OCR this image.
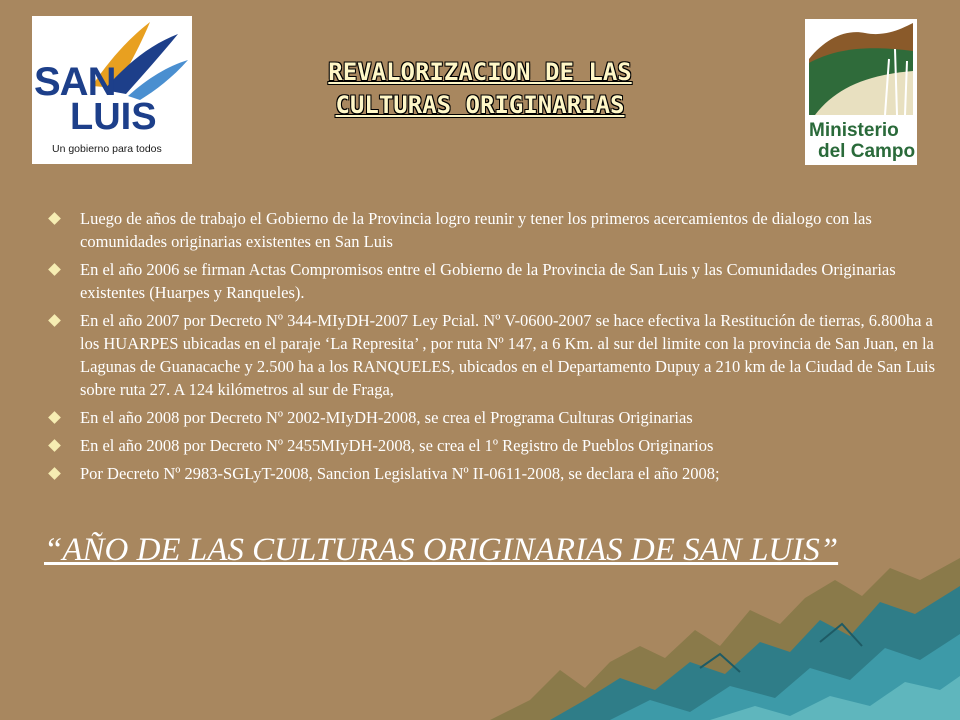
SAN
LUIS
Un gobierno para todos
Ministerio
del Campo
REVALORIZACION DE LAS
CULTURAS ORIGINARIAS
Luego de años de trabajo el Gobierno de la Provincia logro reunir y tener los primeros acercamientos de dialogo con las comunidades originarias existentes en San Luis
En el año 2006 se firman Actas Compromisos entre el Gobierno de la Provincia de San Luis y las Comunidades Originarias existentes (Huarpes y Ranqueles).
En el año 2007 por Decreto Nº 344-MIyDH-2007 Ley Pcial. Nº V-0600-2007 se hace efectiva la Restitución de tierras, 6.800ha a los HUARPES ubicadas en el paraje ‘La Represita’ , por ruta Nº 147, a 6 Km. al sur del limite con la provincia de San Juan, en la Lagunas de Guanacache y 2.500 ha a los RANQUELES, ubicados en el Departamento Dupuy a 210 km de la Ciudad de San Luis sobre ruta 27. A 124 kilómetros al sur de Fraga,
En el año 2008 por Decreto Nº 2002-MIyDH-2008, se crea el Programa Culturas Originarias
En el año 2008 por Decreto Nº 2455MIyDH-2008, se crea el 1º Registro de Pueblos Originarios
Por Decreto Nº 2983-SGLyT-2008, Sancion Legislativa Nº II-0611-2008, se declara el año 2008;
“AÑO DE LAS CULTURAS ORIGINARIAS DE SAN LUIS”
